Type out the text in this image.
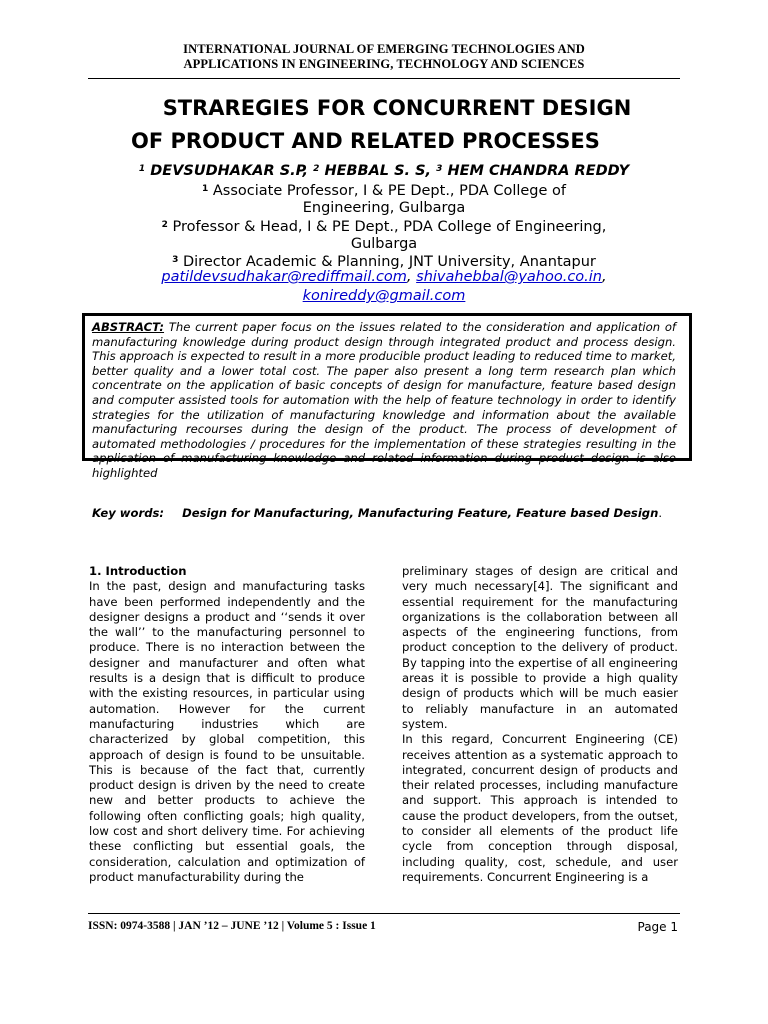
INTERNATIONAL JOURNAL OF EMERGING TECHNOLOGIES AND
APPLICATIONS IN ENGINEERING, TECHNOLOGY AND SCIENCES
STRAREGIES FOR CONCURRENT DESIGN
OF PRODUCT AND RELATED PROCESSES
$^1$ DEVSUDHAKAR S.P, $^2$ HEBBAL S. S, $^3$ HEM CHANDRA REDDY
$^1$ Associate Professor, I & PE Dept., PDA College of
Engineering, Gulbarga
$^2$ Professor & Head, I & PE Dept., PDA College of Engineering,
Gulbarga
$^3$ Director Academic & Planning, JNT University, Anantapur
patildevsudhakar@rediffmail.com, shivahebbal@yahoo.co.in,
konireddy@gmail.com
ABSTRACT: The current paper focus on the issues related to the consideration and application of manufacturing knowledge during product design through integrated product and process design. This approach is expected to result in a more producible product leading to reduced time to market, better quality and a lower total cost. The paper also present a long term research plan which concentrate on the application of basic concepts of design for manufacture, feature based design and computer assisted tools for automation with the help of feature technology in order to identify strategies for the utilization of manufacturing knowledge and information about the available manufacturing recourses during the design of the product. The process of development of automated methodologies / procedures for the implementation of these strategies resulting in the application of manufacturing knowledge and related information during product design is also highlighted
Key words: Design for Manufacturing, Manufacturing Feature, Feature based Design.

1. Introduction

In the past, design and manufacturing tasks have been performed independently and the designer designs a product and ‘‘sends it over the wall’’ to the manufacturing personnel to produce. There is no interaction between the designer and manufacturer and often what results is a design that is difficult to produce with the existing resources, in particular using automation. However for the current manufacturing industries which are characterized by global competition, this approach of design is found to be unsuitable. This is because of the fact that, currently product design is driven by the need to create new and better products to achieve the following often conflicting goals; high quality, low cost and short delivery time. For achieving these conflicting but essential goals, the consideration, calculation and optimization of product manufacturability during the

preliminary stages of design are critical and very much necessary[4]. The significant and essential requirement for the manufacturing organizations is the collaboration between all aspects of the engineering functions, from product conception to the delivery of product. By tapping into the expertise of all engineering areas it is possible to provide a high quality design of products which will be much easier to reliably manufacture in an automated system.

In this regard, Concurrent Engineering (CE) receives attention as a systematic approach to integrated, concurrent design of products and their related processes, including manufacture and support. This approach is intended to cause the product developers, from the outset, to consider all elements of the product life cycle from conception through disposal, including quality, cost, schedule, and user requirements. Concurrent Engineering is a

ISSN: 0974-3588 | JAN ’12 – JUNE ’12 | Volume 5 : Issue 1	Page 1
